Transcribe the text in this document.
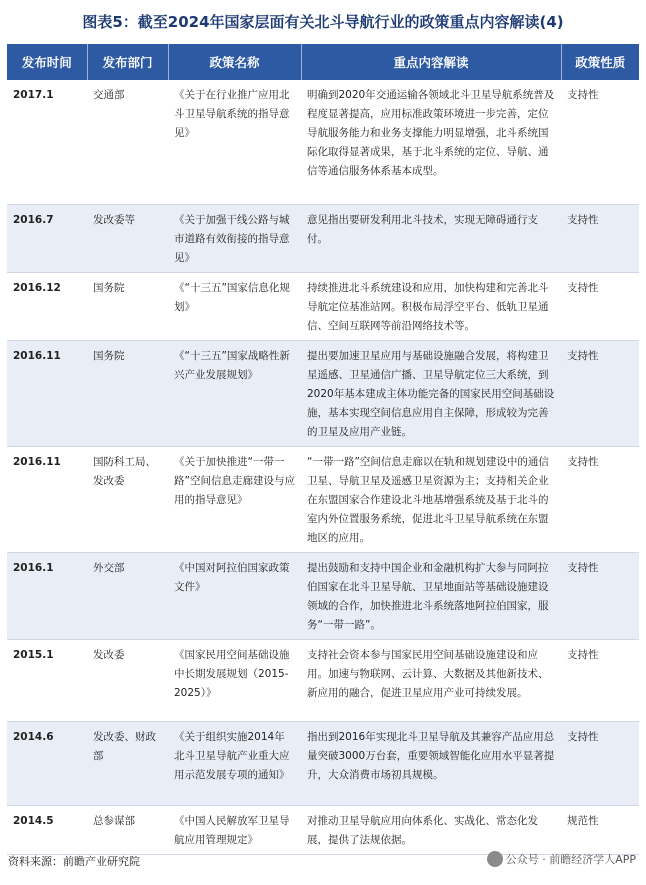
图表5：截至2024年国家层面有关北斗导航行业的政策重点内容解读(4)
发布时间	发布部门	政策名称	重点内容解读	政策性质
2017.1	交通部	《关于在行业推广应用北斗卫星导航系统的指导意见》	明确到2020年交通运输各领域北斗卫星导航系统普及程度显著提高，应用标准政策环境进一步完善，定位导航服务能力和业务支撑能力明显增强，北斗系统国际化取得显著成果，基于北斗系统的定位、导航、通信等通信服务体系基本成型。	支持性
2016.7	发改委等	《关于加强干线公路与城市道路有效衔接的指导意见》	意见指出要研发利用北斗技术，实现无障碍通行支付。	支持性
2016.12	国务院	《“十三五”国家信息化规划》	持续推进北斗系统建设和应用，加快构建和完善北斗导航定位基准站网。积极布局浮空平台、低轨卫星通信、空间互联网等前沿网络技术等。	支持性
2016.11	国务院	《“十三五”国家战略性新兴产业发展规划》	提出要加速卫星应用与基础设施融合发展，将构建卫星遥感、卫星通信广播、卫星导航定位三大系统，到2020年基本建成主体功能完备的国家民用空间基础设施，基本实现空间信息应用自主保障，形成较为完善的卫星及应用产业链。	支持性
2016.11	国防科工局、发改委	《关于加快推进“一带一路”空间信息走廊建设与应用的指导意见》	“一带一路”空间信息走廊以在轨和规划建设中的通信卫星、导航卫星及遥感卫星资源为主；支持相关企业在东盟国家合作建设北斗地基增强系统及基于北斗的室内外位置服务系统，促进北斗卫星导航系统在东盟地区的应用。	支持性
2016.1	外交部	《中国对阿拉伯国家政策文件》	提出鼓励和支持中国企业和金融机构扩大参与同阿拉伯国家在北斗卫星导航、卫星地面站等基础设施建设领域的合作，加快推进北斗系统落地阿拉伯国家，服务“一带一路”。	支持性
2015.1	发改委	《国家民用空间基础设施中长期发展规划（2015-2025）》	支持社会资本参与国家民用空间基础设施建设和应用。加速与物联网、云计算、大数据及其他新技术、新应用的融合，促进卫星应用产业可持续发展。	支持性
2014.6	发改委、财政部	《关于组织实施2014年北斗卫星导航产业重大应用示范发展专项的通知》	指出到2016年实现北斗卫星导航及其兼容产品应用总量突破3000万台套，重要领域智能化应用水平显著提升，大众消费市场初具规模。	支持性
2014.5	总参谋部	《中国人民解放军卫星导航应用管理规定》	对推动卫星导航应用向体系化、实战化、常态化发展，提供了法规依据。	规范性
资料来源：前瞻产业研究院	公众号 · 前瞻经济学人APP
